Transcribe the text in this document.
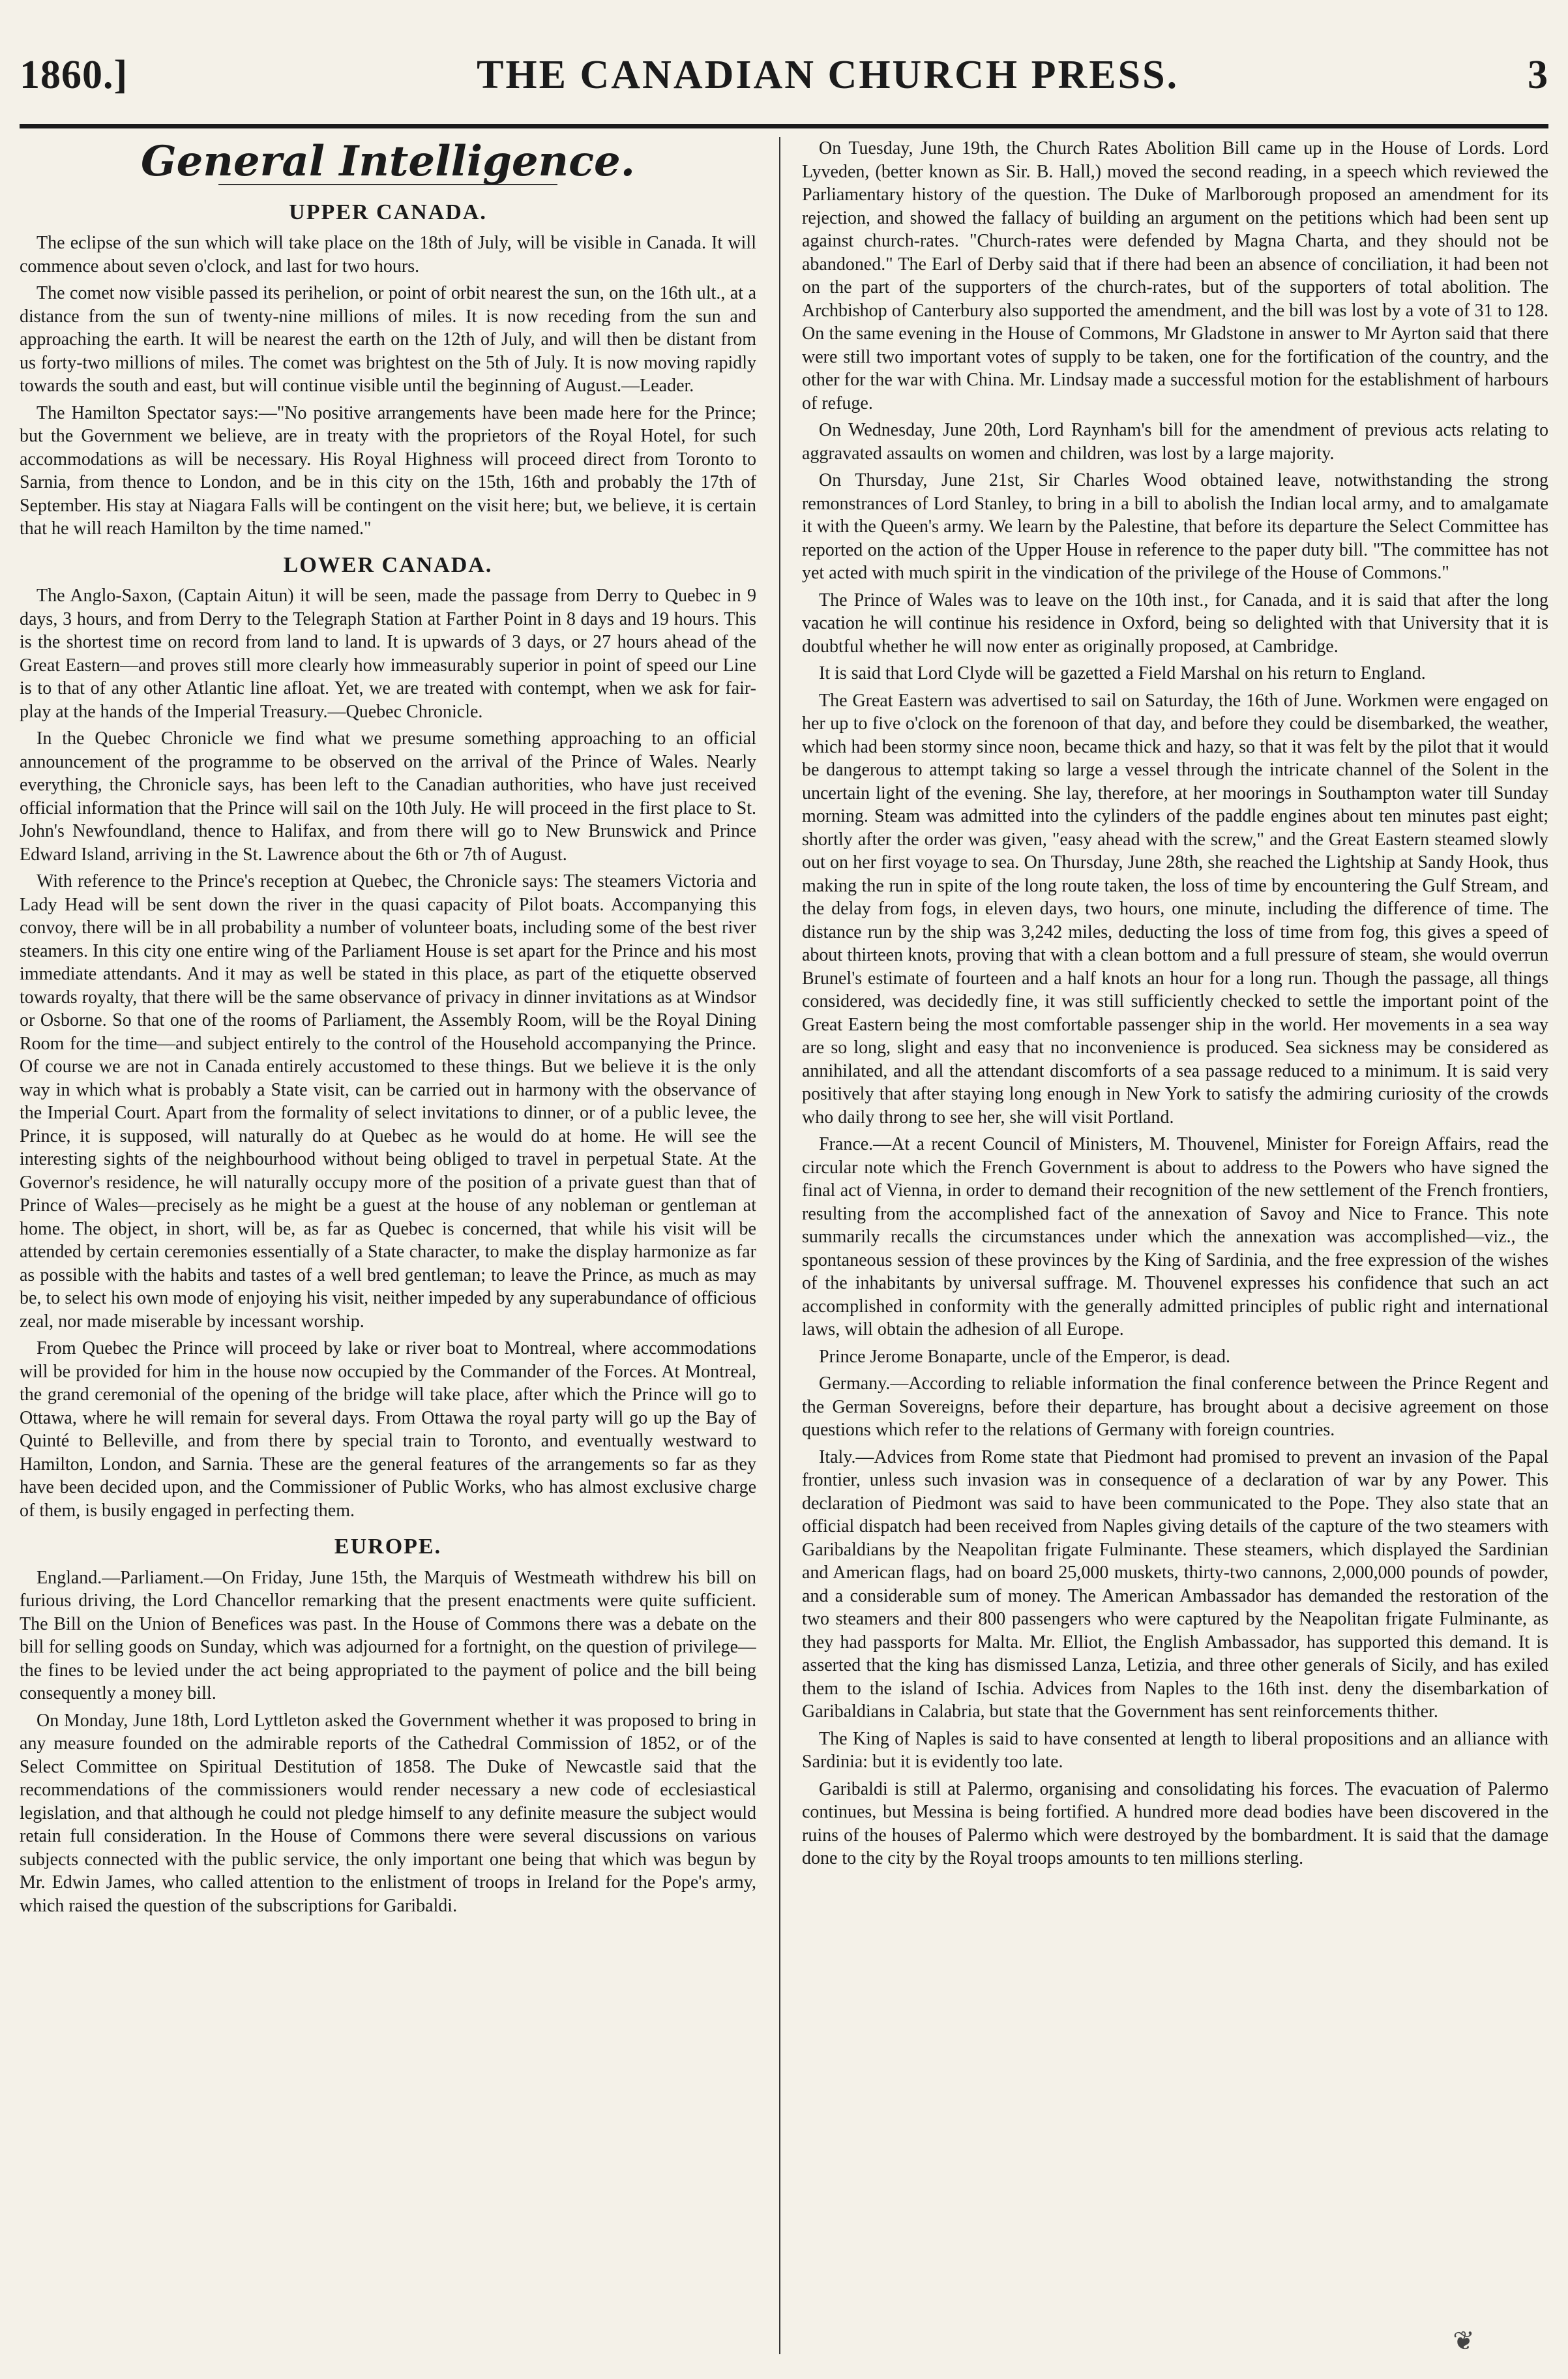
1860.]	THE CANADIAN CHURCH PRESS.	3
General Intelligence.
UPPER CANADA.

The eclipse of the sun which will take place on the 18th of July, will be visible in Canada. It will commence about seven o'clock, and last for two hours.

The comet now visible passed its perihelion, or point of orbit nearest the sun, on the 16th ult., at a distance from the sun of twenty-nine millions of miles. It is now receding from the sun and approaching the earth. It will be nearest the earth on the 12th of July, and will then be distant from us forty-two millions of miles. The comet was brightest on the 5th of July. It is now moving rapidly towards the south and east, but will continue visible until the beginning of August.—Leader.

The Hamilton Spectator says:—"No positive arrangements have been made here for the Prince; but the Government we believe, are in treaty with the proprietors of the Royal Hotel, for such accommodations as will be necessary. His Royal Highness will proceed direct from Toronto to Sarnia, from thence to London, and be in this city on the 15th, 16th and probably the 17th of September. His stay at Niagara Falls will be contingent on the visit here; but, we believe, it is certain that he will reach Hamilton by the time named."

LOWER CANADA.

The Anglo-Saxon, (Captain Aitun) it will be seen, made the passage from Derry to Quebec in 9 days, 3 hours, and from Derry to the Telegraph Station at Farther Point in 8 days and 19 hours. This is the shortest time on record from land to land. It is upwards of 3 days, or 27 hours ahead of the Great Eastern—and proves still more clearly how immeasurably superior in point of speed our Line is to that of any other Atlantic line afloat. Yet, we are treated with contempt, when we ask for fair-play at the hands of the Imperial Treasury.—Quebec Chronicle.

In the Quebec Chronicle we find what we presume something approaching to an official announcement of the programme to be observed on the arrival of the Prince of Wales. Nearly everything, the Chronicle says, has been left to the Canadian authorities, who have just received official information that the Prince will sail on the 10th July. He will proceed in the first place to St. John's Newfoundland, thence to Halifax, and from there will go to New Brunswick and Prince Edward Island, arriving in the St. Lawrence about the 6th or 7th of August.

With reference to the Prince's reception at Quebec, the Chronicle says: The steamers Victoria and Lady Head will be sent down the river in the quasi capacity of Pilot boats. Accompanying this convoy, there will be in all probability a number of volunteer boats, including some of the best river steamers. In this city one entire wing of the Parliament House is set apart for the Prince and his most immediate attendants. And it may as well be stated in this place, as part of the etiquette observed towards royalty, that there will be the same observance of privacy in dinner invitations as at Windsor or Osborne. So that one of the rooms of Parliament, the Assembly Room, will be the Royal Dining Room for the time—and subject entirely to the control of the Household accompanying the Prince. Of course we are not in Canada entirely accustomed to these things. But we believe it is the only way in which what is probably a State visit, can be carried out in harmony with the observance of the Imperial Court. Apart from the formality of select invitations to dinner, or of a public levee, the Prince, it is supposed, will naturally do at Quebec as he would do at home. He will see the interesting sights of the neighbourhood without being obliged to travel in perpetual State. At the Governor's residence, he will naturally occupy more of the position of a private guest than that of Prince of Wales—precisely as he might be a guest at the house of any nobleman or gentleman at home. The object, in short, will be, as far as Quebec is concerned, that while his visit will be attended by certain ceremonies essentially of a State character, to make the display harmonize as far as possible with the habits and tastes of a well bred gentleman; to leave the Prince, as much as may be, to select his own mode of enjoying his visit, neither impeded by any superabundance of officious zeal, nor made miserable by incessant worship.

From Quebec the Prince will proceed by lake or river boat to Montreal, where accommodations will be provided for him in the house now occupied by the Commander of the Forces. At Montreal, the grand ceremonial of the opening of the bridge will take place, after which the Prince will go to Ottawa, where he will remain for several days. From Ottawa the royal party will go up the Bay of Quinté to Belleville, and from there by special train to Toronto, and eventually westward to Hamilton, London, and Sarnia. These are the general features of the arrangements so far as they have been decided upon, and the Commissioner of Public Works, who has almost exclusive charge of them, is busily engaged in perfecting them.

EUROPE.

England.—Parliament.—On Friday, June 15th, the Marquis of Westmeath withdrew his bill on furious driving, the Lord Chancellor remarking that the present enactments were quite sufficient. The Bill on the Union of Benefices was past. In the House of Commons there was a debate on the bill for selling goods on Sunday, which was adjourned for a fortnight, on the question of privilege—the fines to be levied under the act being appropriated to the payment of police and the bill being consequently a money bill.

On Monday, June 18th, Lord Lyttleton asked the Government whether it was proposed to bring in any measure founded on the admirable reports of the Cathedral Commission of 1852, or of the Select Committee on Spiritual Destitution of 1858. The Duke of Newcastle said that the recommendations of the commissioners would render necessary a new code of ecclesiastical legislation, and that although he could not pledge himself to any definite measure the subject would retain full consideration. In the House of Commons there were several discussions on various subjects connected with the public service, the only important one being that which was begun by Mr. Edwin James, who called attention to the enlistment of troops in Ireland for the Pope's army, which raised the question of the subscriptions for Garibaldi.

On Tuesday, June 19th, the Church Rates Abolition Bill came up in the House of Lords. Lord Lyveden, (better known as Sir. B. Hall,) moved the second reading, in a speech which reviewed the Parliamentary history of the question. The Duke of Marlborough proposed an amendment for its rejection, and showed the fallacy of building an argument on the petitions which had been sent up against church-rates. "Church-rates were defended by Magna Charta, and they should not be abandoned." The Earl of Derby said that if there had been an absence of conciliation, it had been not on the part of the supporters of the church-rates, but of the supporters of total abolition. The Archbishop of Canterbury also supported the amendment, and the bill was lost by a vote of 31 to 128. On the same evening in the House of Commons, Mr Gladstone in answer to Mr Ayrton said that there were still two important votes of supply to be taken, one for the fortification of the country, and the other for the war with China. Mr. Lindsay made a successful motion for the establishment of harbours of refuge.

On Wednesday, June 20th, Lord Raynham's bill for the amendment of previous acts relating to aggravated assaults on women and children, was lost by a large majority.

On Thursday, June 21st, Sir Charles Wood obtained leave, notwithstanding the strong remonstrances of Lord Stanley, to bring in a bill to abolish the Indian local army, and to amalgamate it with the Queen's army. We learn by the Palestine, that before its departure the Select Committee has reported on the action of the Upper House in reference to the paper duty bill. "The committee has not yet acted with much spirit in the vindication of the privilege of the House of Commons."

The Prince of Wales was to leave on the 10th inst., for Canada, and it is said that after the long vacation he will continue his residence in Oxford, being so delighted with that University that it is doubtful whether he will now enter as originally proposed, at Cambridge.

It is said that Lord Clyde will be gazetted a Field Marshal on his return to England.

The Great Eastern was advertised to sail on Saturday, the 16th of June. Workmen were engaged on her up to five o'clock on the forenoon of that day, and before they could be disembarked, the weather, which had been stormy since noon, became thick and hazy, so that it was felt by the pilot that it would be dangerous to attempt taking so large a vessel through the intricate channel of the Solent in the uncertain light of the evening. She lay, therefore, at her moorings in Southampton water till Sunday morning. Steam was admitted into the cylinders of the paddle engines about ten minutes past eight; shortly after the order was given, "easy ahead with the screw," and the Great Eastern steamed slowly out on her first voyage to sea. On Thursday, June 28th, she reached the Lightship at Sandy Hook, thus making the run in spite of the long route taken, the loss of time by encountering the Gulf Stream, and the delay from fogs, in eleven days, two hours, one minute, including the difference of time. The distance run by the ship was 3,242 miles, deducting the loss of time from fog, this gives a speed of about thirteen knots, proving that with a clean bottom and a full pressure of steam, she would overrun Brunel's estimate of fourteen and a half knots an hour for a long run. Though the passage, all things considered, was decidedly fine, it was still sufficiently checked to settle the important point of the Great Eastern being the most comfortable passenger ship in the world. Her movements in a sea way are so long, slight and easy that no inconvenience is produced. Sea sickness may be considered as annihilated, and all the attendant discomforts of a sea passage reduced to a minimum. It is said very positively that after staying long enough in New York to satisfy the admiring curiosity of the crowds who daily throng to see her, she will visit Portland.

France.—At a recent Council of Ministers, M. Thouvenel, Minister for Foreign Affairs, read the circular note which the French Government is about to address to the Powers who have signed the final act of Vienna, in order to demand their recognition of the new settlement of the French frontiers, resulting from the accomplished fact of the annexation of Savoy and Nice to France. This note summarily recalls the circumstances under which the annexation was accomplished—viz., the spontaneous session of these provinces by the King of Sardinia, and the free expression of the wishes of the inhabitants by universal suffrage. M. Thouvenel expresses his confidence that such an act accomplished in conformity with the generally admitted principles of public right and international laws, will obtain the adhesion of all Europe.

Prince Jerome Bonaparte, uncle of the Emperor, is dead.

Germany.—According to reliable information the final conference between the Prince Regent and the German Sovereigns, before their departure, has brought about a decisive agreement on those questions which refer to the relations of Germany with foreign countries.

Italy.—Advices from Rome state that Piedmont had promised to prevent an invasion of the Papal frontier, unless such invasion was in consequence of a declaration of war by any Power. This declaration of Piedmont was said to have been communicated to the Pope. They also state that an official dispatch had been received from Naples giving details of the capture of the two steamers with Garibaldians by the Neapolitan frigate Fulminante. These steamers, which displayed the Sardinian and American flags, had on board 25,000 muskets, thirty-two cannons, 2,000,000 pounds of powder, and a considerable sum of money. The American Ambassador has demanded the restoration of the two steamers and their 800 passengers who were captured by the Neapolitan frigate Fulminante, as they had passports for Malta. Mr. Elliot, the English Ambassador, has supported this demand. It is asserted that the king has dismissed Lanza, Letizia, and three other generals of Sicily, and has exiled them to the island of Ischia. Advices from Naples to the 16th inst. deny the disembarkation of Garibaldians in Calabria, but state that the Government has sent reinforcements thither.

The King of Naples is said to have consented at length to liberal propositions and an alliance with Sardinia: but it is evidently too late.

Garibaldi is still at Palermo, organising and consolidating his forces. The evacuation of Palermo continues, but Messina is being fortified. A hundred more dead bodies have been discovered in the ruins of the houses of Palermo which were destroyed by the bombardment. It is said that the damage done to the city by the Royal troops amounts to ten millions sterling.

❦
